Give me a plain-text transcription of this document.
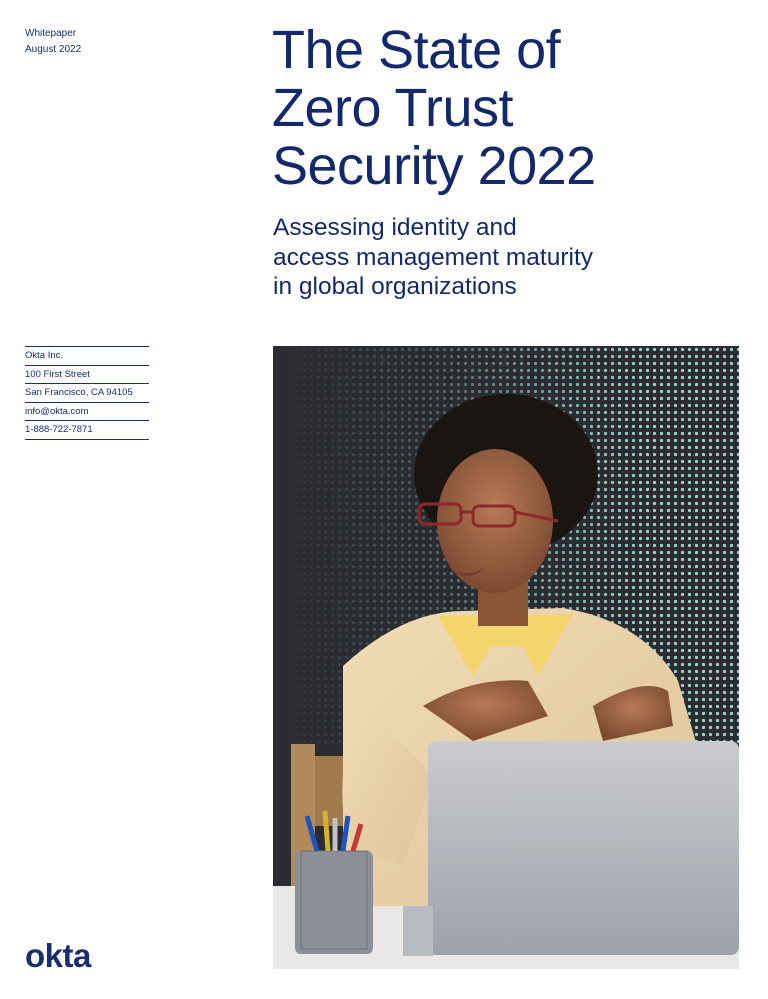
Whitepaper
August 2022	The State of
Zero Trust
Security 2022
Assessing identity and
access management maturity
in global organizations
Okta Inc.
100 First Street
San Francisco, CA 94105
info@okta.com
1-888-722-7871
okta
